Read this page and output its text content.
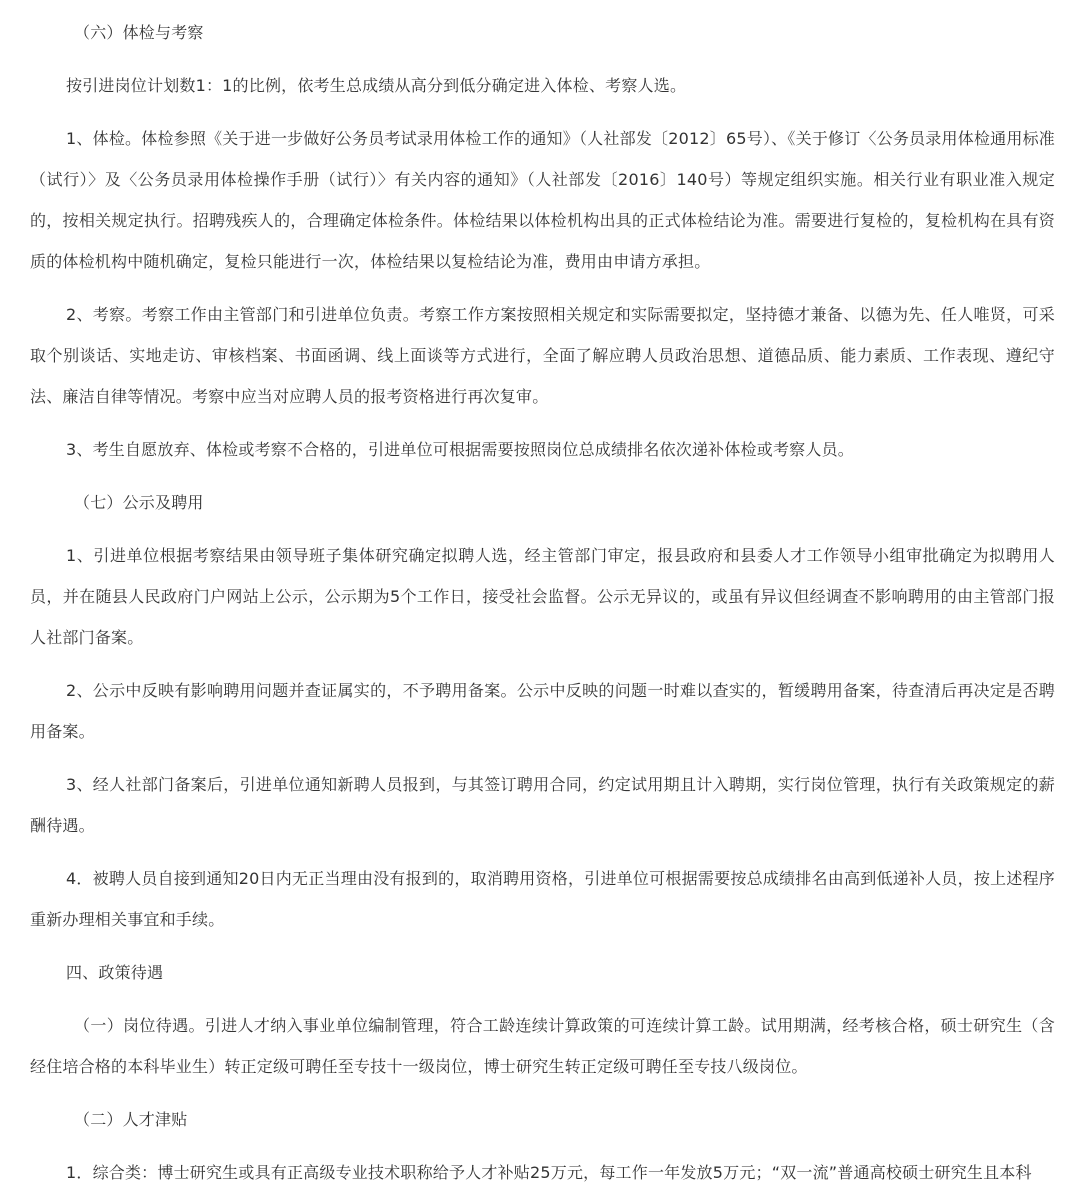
（六）体检与考察

按引进岗位计划数1：1的比例，依考生总成绩从高分到低分确定进入体检、考察人选。

1、体检。体检参照《关于进一步做好公务员考试录用体检工作的通知》（人社部发〔2012〕65号）、《关于修订〈公务员录用体检通用标准（试行）〉及〈公务员录用体检操作手册（试行）〉有关内容的通知》（人社部发〔2016〕140号）等规定组织实施。相关行业有职业准入规定的，按相关规定执行。招聘残疾人的，合理确定体检条件。体检结果以体检机构出具的正式体检结论为准。需要进行复检的，复检机构在具有资质的体检机构中随机确定，复检只能进行一次，体检结果以复检结论为准，费用由申请方承担。

2、考察。考察工作由主管部门和引进单位负责。考察工作方案按照相关规定和实际需要拟定，坚持德才兼备、以德为先、任人唯贤，可采取个别谈话、实地走访、审核档案、书面函调、线上面谈等方式进行，全面了解应聘人员政治思想、道德品质、能力素质、工作表现、遵纪守法、廉洁自律等情况。考察中应当对应聘人员的报考资格进行再次复审。

3、考生自愿放弃、体检或考察不合格的，引进单位可根据需要按照岗位总成绩排名依次递补体检或考察人员。

（七）公示及聘用

1、引进单位根据考察结果由领导班子集体研究确定拟聘人选，经主管部门审定，报县政府和县委人才工作领导小组审批确定为拟聘用人员，并在随县人民政府门户网站上公示，公示期为5个工作日，接受社会监督。公示无异议的，或虽有异议但经调查不影响聘用的由主管部门报人社部门备案。

2、公示中反映有影响聘用问题并查证属实的，不予聘用备案。公示中反映的问题一时难以查实的，暂缓聘用备案，待查清后再决定是否聘用备案。

3、经人社部门备案后，引进单位通知新聘人员报到，与其签订聘用合同，约定试用期且计入聘期，实行岗位管理，执行有关政策规定的薪酬待遇。

4．被聘人员自接到通知20日内无正当理由没有报到的，取消聘用资格，引进单位可根据需要按总成绩排名由高到低递补人员，按上述程序重新办理相关事宜和手续。

四、政策待遇

（一）岗位待遇。引进人才纳入事业单位编制管理，符合工龄连续计算政策的可连续计算工龄。试用期满，经考核合格，硕士研究生（含经住培合格的本科毕业生）转正定级可聘任至专技十一级岗位，博士研究生转正定级可聘任至专技八级岗位。

（二）人才津贴

1．综合类：博士研究生或具有正高级专业技术职称给予人才补贴25万元，每工作一年发放5万元；“双一流”普通高校硕士研究生且本科
